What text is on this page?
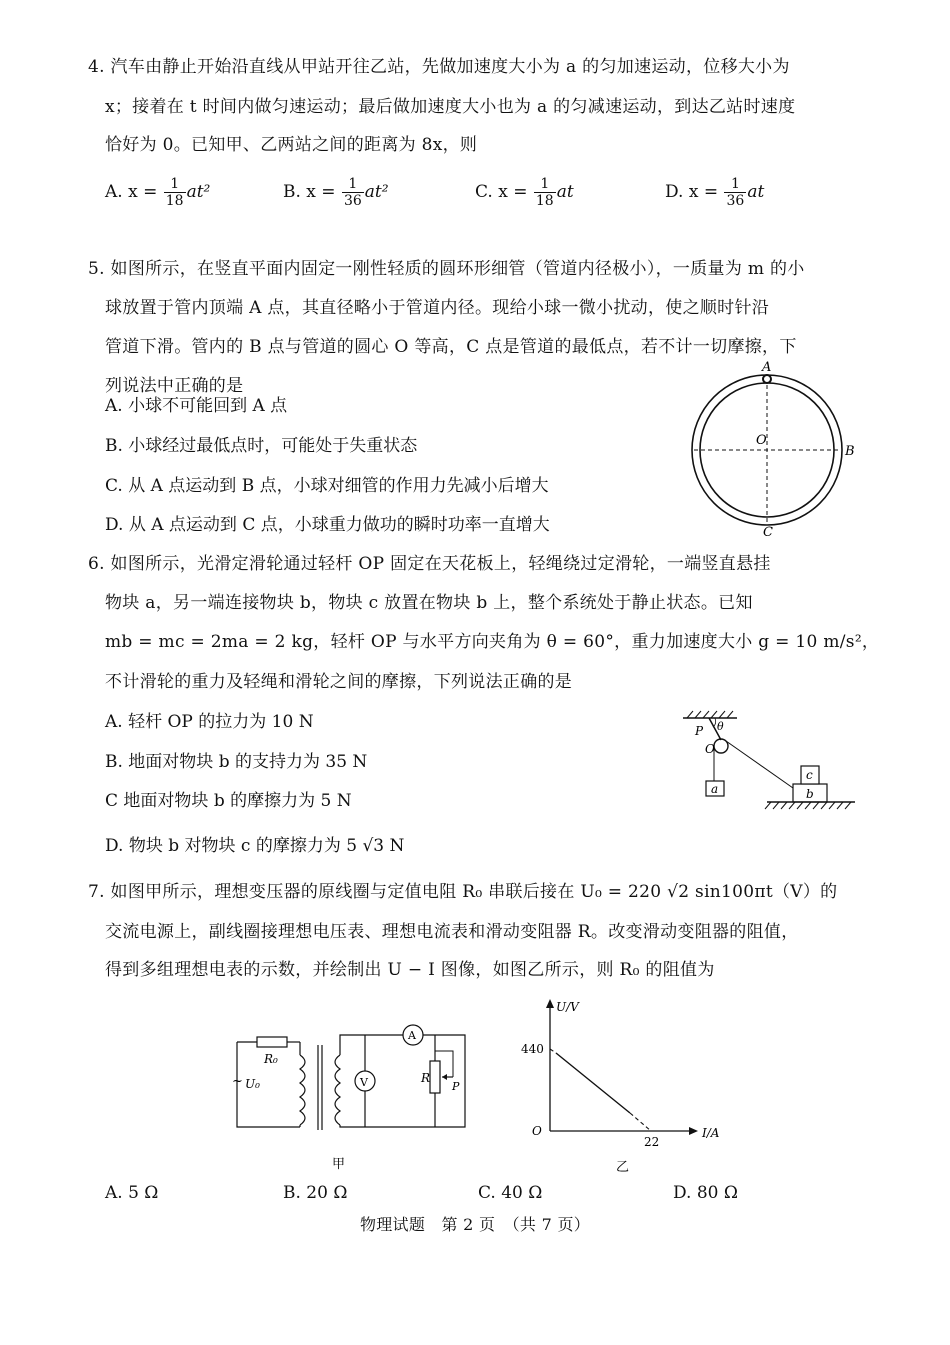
4. 汽车由静止开始沿直线从甲站开往乙站，先做加速度大小为 a 的匀加速运动，位移大小为
x；接着在 t 时间内做匀速运动；最后做加速度大小也为 a 的匀减速运动，到达乙站时速度
恰好为 0。已知甲、乙两站之间的距离为 8x，则
A. $x = \frac{1}{18} at^2$	B. $x = \frac{1}{36} at^2$	C. $x = \frac{1}{18}$ at	D. $x = \frac{1}{36}$ at
5. 如图所示，在竖直平面内固定一刚性轻质的圆环形细管（管道内径极小），一质量为 m 的小
球放置于管内顶端 A 点，其直径略小于管道内径。现给小球一微小扰动，使之顺时针沿
管道下滑。管内的 B 点与管道的圆心 O 等高，C 点是管道的最低点，若不计一切摩擦，下
列说法中正确的是
A. 小球不可能回到 A 点
B. 小球经过最低点时，可能处于失重状态
C. 从 A 点运动到 B 点，小球对细管的作用力先减小后增大
D. 从 A 点运动到 C 点，小球重力做功的瞬时功率一直增大
A
O
B
C
6. 如图所示，光滑定滑轮通过轻杆 OP 固定在天花板上，轻绳绕过定滑轮，一端竖直悬挂
物块 a，另一端连接物块 b，物块 c 放置在物块 b 上，整个系统处于静止状态。已知
mb = mc = 2ma = 2 kg，轻杆 OP 与水平方向夹角为 θ = 60°，重力加速度大小 g = 10 m/s²，
不计滑轮的重力及轻绳和滑轮之间的摩擦，下列说法正确的是
A. 轻杆 OP 的拉力为 10 N
B. 地面对物块 b 的支持力为 35 N
C 地面对物块 b 的摩擦力为 5 N
D. 物块 b 对物块 c 的摩擦力为 5 √3 N
P θ
O
a	b
c
7. 如图甲所示，理想变压器的原线圈与定值电阻 R₀ 串联后接在 U₀ = 220 √2 sin100πt（V）的
交流电源上，副线圈接理想电压表、理想电流表和滑动变阻器 R。改变滑动变阻器的阻值，
得到多组理想电表的示数，并绘制出 U − I 图像，如图乙所示，则 R₀ 的阻值为
~ U₀
R₀
A
V	R
P
甲
U/V
I/A
O
440
22
乙
A. 5 Ω	B. 20 Ω	C. 40 Ω	D. 80 Ω
物理试题　第 2 页　（共 7 页）
